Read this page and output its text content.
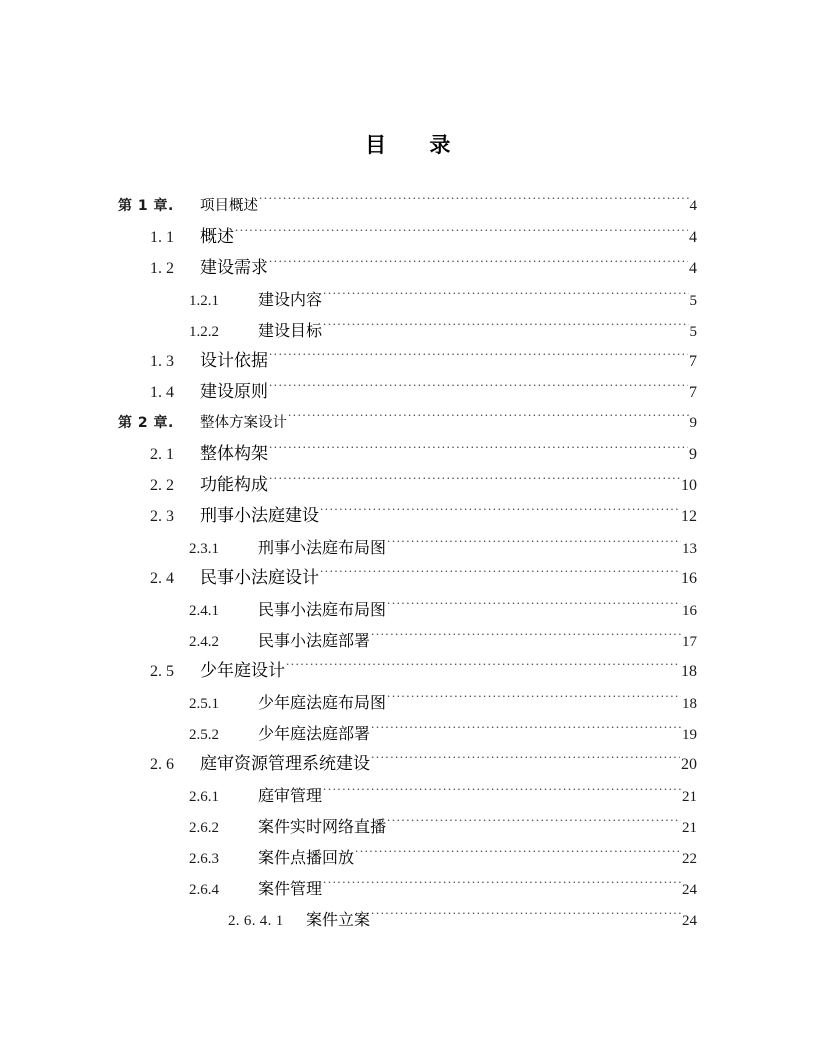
目　　录
第 1 章.	项目概述 .....	4
1. 1	概述 .....	4
1. 2	建设需求 .....	4
1.2.1	建设内容 .....	5
1.2.2	建设目标 .....	5
1. 3	设计依据 .....	7
1. 4	建设原则 .....	7
第 2 章.	整体方案设计 .....	9
2. 1	整体构架 .....	9
2. 2	功能构成 .....	10
2. 3	刑事小法庭建设 .....	12
2.3.1	刑事小法庭布局图 .....	13
2. 4	民事小法庭设计 .....	16
2.4.1	民事小法庭布局图 .....	16
2.4.2	民事小法庭部署 .....	17
2. 5	少年庭设计 .....	18
2.5.1	少年庭法庭布局图 .....	18
2.5.2	少年庭法庭部署 .....	19
2. 6	庭审资源管理系统建设 .....	20
2.6.1	庭审管理 .....	21
2.6.2	案件实时网络直播 .....	21
2.6.3	案件点播回放 .....	22
2.6.4	案件管理 .....	24
2. 6. 4. 1	案件立案 .....	24
